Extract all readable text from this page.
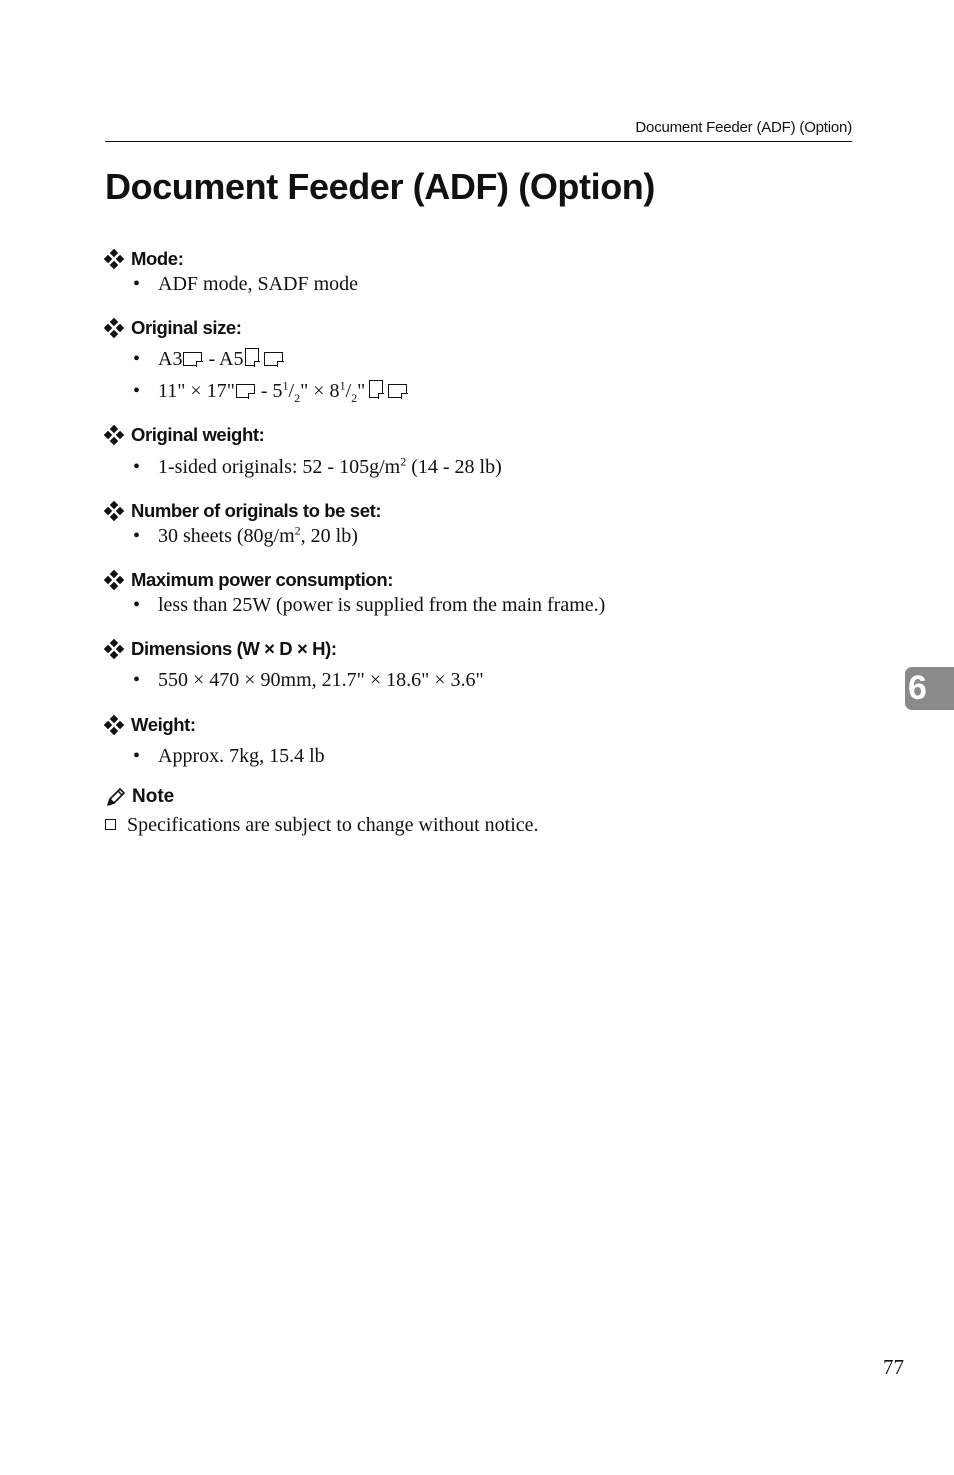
Document Feeder (ADF) (Option)
Document Feeder (ADF) (Option)
Mode:
• ADF mode, SADF mode
Original size:
• A3 - A5
• 11" × 17" - $5^1/_2$" × $8^1/_2$"
Original weight:
• 1-sided originals: $52 - 105g/m^2$ (14 - 28 lb)
Number of originals to be set:
• 30 sheets ($80g/m^2$, 20 lb)
Maximum power consumption:
• less than 25W (power is supplied from the main frame.)
Dimensions (W × D × H):
• 550 × 470 × 90mm, 21.7" × 18.6" × 3.6"
Weight:
• Approx. 7kg, 15.4 lb
Note
Specifications are subject to change without notice.
6
77
